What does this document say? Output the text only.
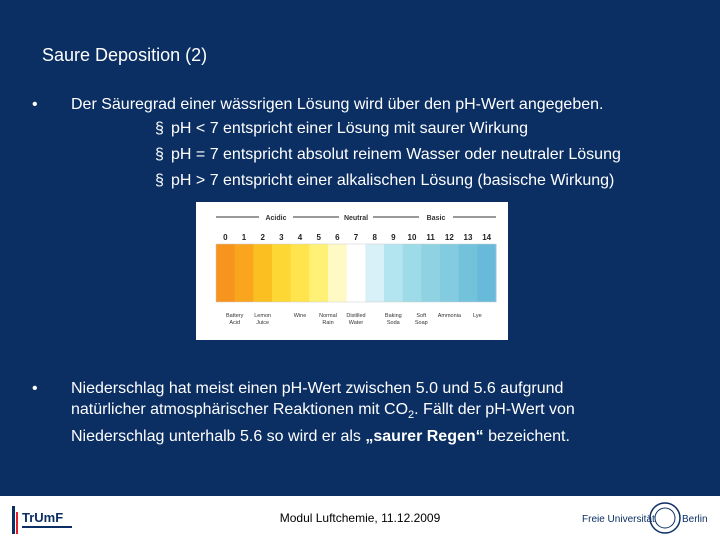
Saure Deposition (2)
• Der Säuregrad einer wässrigen Lösung wird über den pH-Wert angegeben.
§ pH < 7 entspricht einer Lösung mit saurer Wirkung
§ pH = 7 entspricht absolut reinem Wasser oder neutraler Lösung
§ pH > 7 entspricht einer alkalischen Lösung (basische Wirkung)
Acidic	Neutral	Basic
0 1 2 3 4 5 6 7 8 9 10 11 12 13 14
Battery Acid
Lemon Juice
Wine Normal Rain
Distilled Water
Baking Soda
Soft Soap
Ammonia Lye
• Niederschlag hat meist einen pH-Wert zwischen 5.0 und 5.6 aufgrund
natürlicher atmosphärischer Reaktionen mit $CO_2$. Fällt der pH-Wert von
Niederschlag unterhalb 5.6 so wird er als „saurer Regen“ bezeichent.
TrUmF	Modul Luftchemie, 11.12.2009	Freie Universität	Berlin
